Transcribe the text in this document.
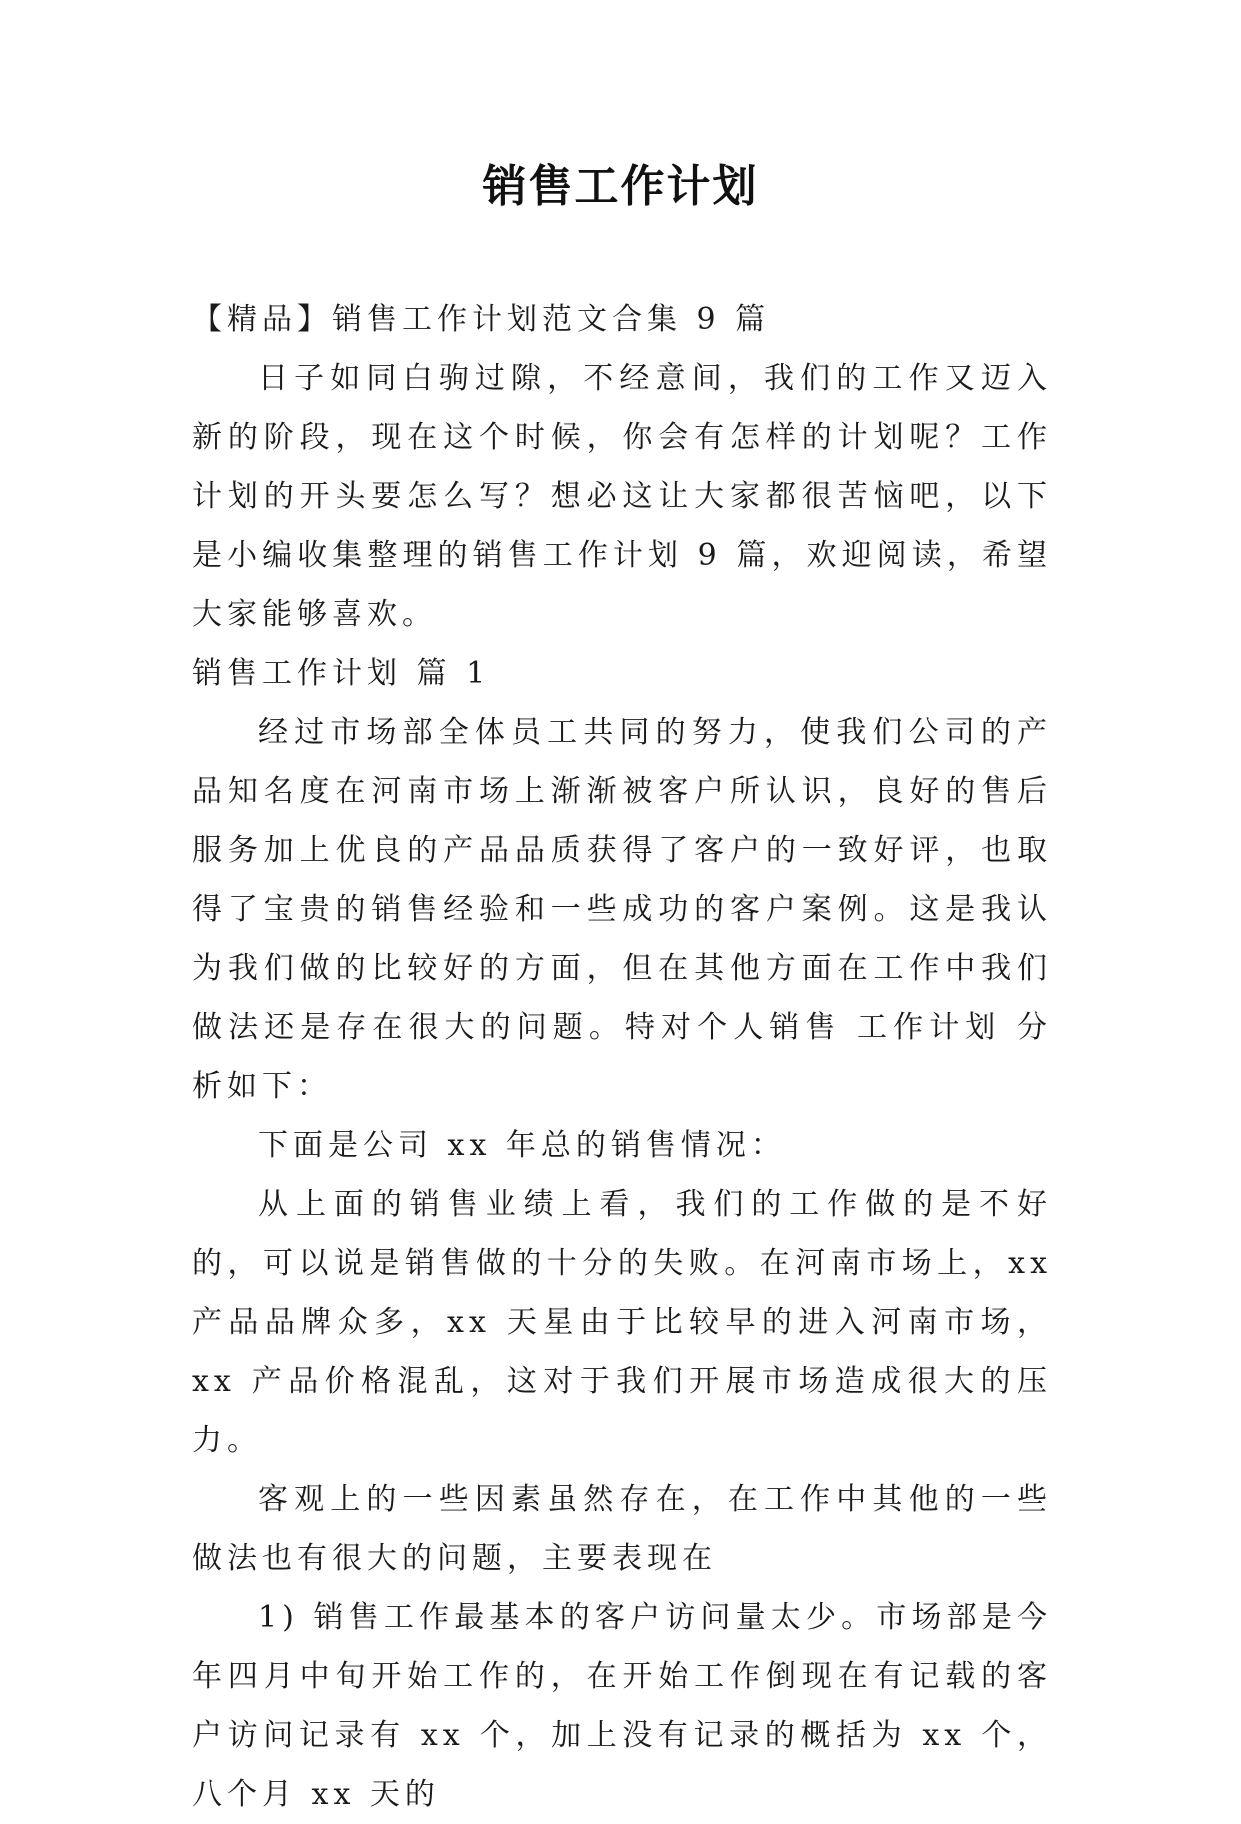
销售工作计划

【精品】销售工作计划范文合集 9 篇

日子如同白驹过隙，不经意间，我们的工作又迈入新的阶段，现在这个时候，你会有怎样的计划呢？工作计划的开头要怎么写？想必这让大家都很苦恼吧，以下是小编收集整理的销售工作计划 9 篇，欢迎阅读，希望大家能够喜欢。

销售工作计划 篇 1

经过市场部全体员工共同的努力，使我们公司的产品知名度在河南市场上渐渐被客户所认识，良好的售后服务加上优良的产品品质获得了客户的一致好评，也取得了宝贵的销售经验和一些成功的客户案例。这是我认为我们做的比较好的方面，但在其他方面在工作中我们做法还是存在很大的问题。特对个人销售 工作计划 分析如下：

下面是公司 xx 年总的销售情况：

从上面的销售业绩上看，我们的工作做的是不好的，可以说是销售做的十分的失败。在河南市场上，xx 产品品牌众多，xx 天星由于比较早的进入河南市场，xx 产品价格混乱，这对于我们开展市场造成很大的压力。

客观上的一些因素虽然存在，在工作中其他的一些做法也有很大的问题，主要表现在

1) 销售工作最基本的客户访问量太少。市场部是今年四月中旬开始工作的，在开始工作倒现在有记载的客户访问记录有 xx 个，加上没有记录的概括为 xx 个，八个月 xx 天的
